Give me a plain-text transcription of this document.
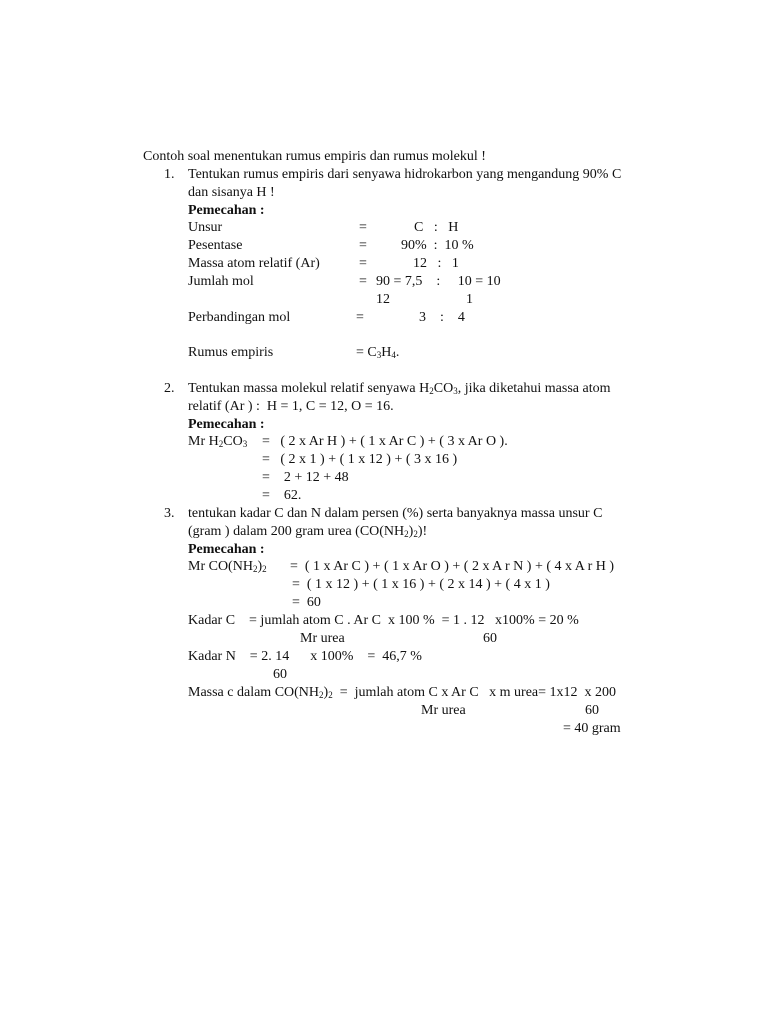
Contoh soal menentukan rumus empiris dan rumus molekul !
1. Tentukan rumus empiris dari senyawa hidrokarbon yang mengandung 90% C
dan sisanya H !
Pemecahan :
Unsur	=	C   :   H
Pesentase	= 90%  :  10 %
Massa atom relatif (Ar)	=	12   :   1
Jumlah mol	= 90 = 7,5    :     10 = 10
12	1
Perbandingan mol	=	3    :    4
Rumus empiris	= $C_3H_4$.
2. Tentukan massa molekul relatif senyawa $H_2CO_3$, jika diketahui massa atom
relatif (Ar ) :  H = 1, C = 12, O = 16.
Pemecahan :
Mr $H_2CO_3$ =   ( 2 x Ar H ) + ( 1 x Ar C ) + ( 3 x Ar O ).
=   ( 2 x 1 ) + ( 1 x 12 ) + ( 3 x 16 )
=    2 + 12 + 48
=    62.
3. tentukan kadar C dan N dalam persen (%) serta banyaknya massa unsur C
(gram ) dalam 200 gram urea $(CO(NH_2)_2)$!
Pemecahan :
Mr $CO(NH_2)_2$ =  ( 1 x Ar C ) + ( 1 x Ar O ) + ( 2 x A r N ) + ( 4 x A r H )
=  ( 1 x 12 ) + ( 1 x 16 ) + ( 2 x 14 ) + ( 4 x 1 )
=  60
Kadar C    = jumlah atom C . Ar C  x 100 %  = 1 . 12   x100% = 20 %
Mr urea	60
Kadar N    = 2. 14      x 100%    =  46,7 %
60
Massa c dalam $CO(NH_2)_2$  =  jumlah atom C x Ar C   x m urea= 1x12  x 200
Mr urea	60
= 40 gram
